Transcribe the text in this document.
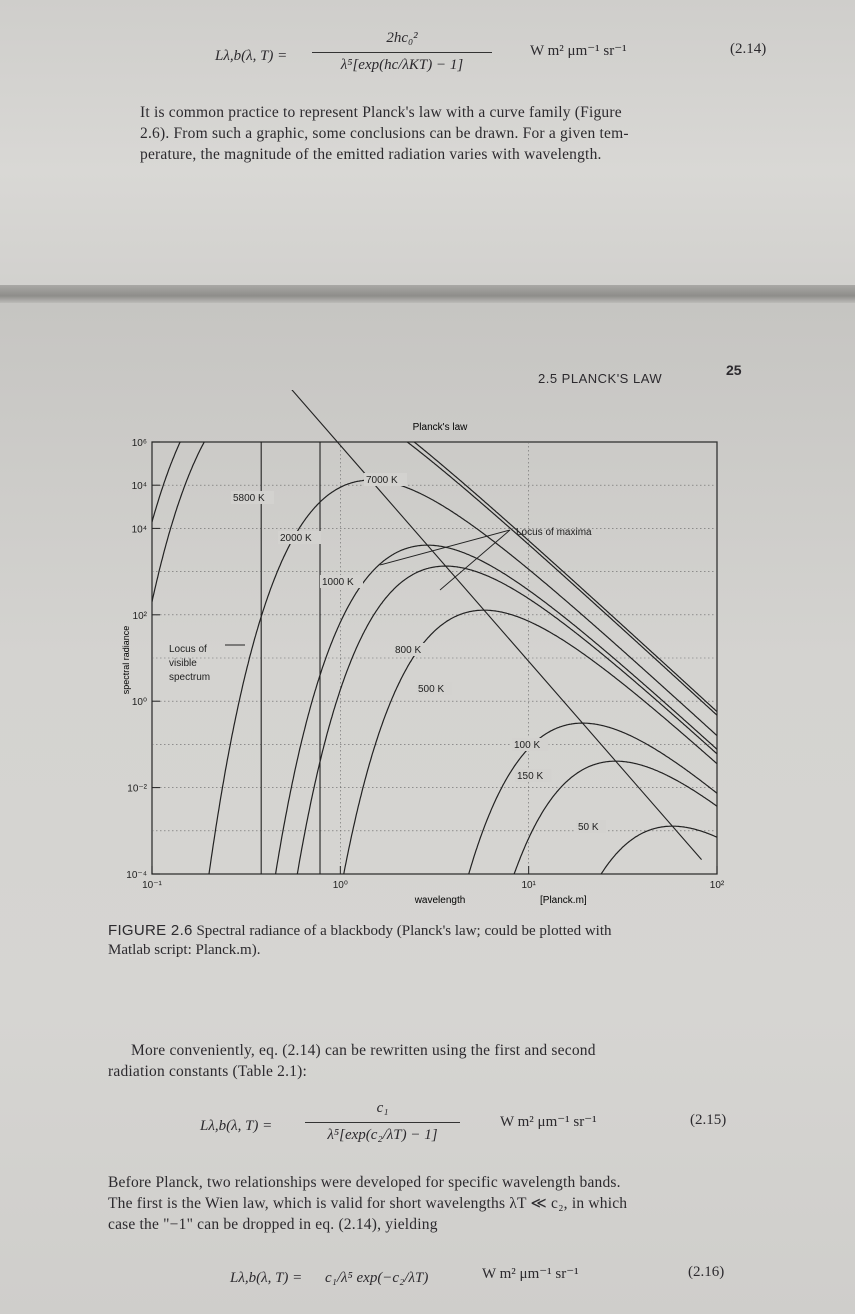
Lλ,b(λ, T) =
2hc₀²
λ⁵[exp(hc/λKT) − 1]
W m² μm⁻¹ sr⁻¹	(2.14)
It is common practice to represent Planck's law with a curve family (Figure
2.6). From such a graphic, some conclusions can be drawn. For a given tem-
perature, the magnitude of the emitted radiation varies with wavelength.
2.5 PLANCK'S LAW
25
Locus of maxima
Locus of
visible
spectrum
5800 K
7000 K
2000 K
1000 K
800 K
500 K
100 K
150 K
50 K
10⁶
10⁴
10⁴
10²
10⁰
10⁻²
10⁻⁴
10⁻¹	10⁰	10¹	10²
Planck's law
wavelength	[Planck.m]
spectral radiance
FIGURE 2.6 Spectral radiance of a blackbody (Planck's law; could be plotted with
Matlab script: Planck.m).
More conveniently, eq. (2.14) can be rewritten using the first and second
radiation constants (Table 2.1):
Lλ,b(λ, T) =
c₁
λ⁵[exp(c₂/λT) − 1]
W m² μm⁻¹ sr⁻¹	(2.15)
Before Planck, two relationships were developed for specific wavelength bands.
The first is the Wien law, which is valid for short wavelengths λT ≪ c₂, in which
case the "−1" can be dropped in eq. (2.14), yielding
Lλ,b(λ, T) = c₁/λ⁵ exp(−c₂/λT)	W m² μm⁻¹ sr⁻¹	(2.16)
